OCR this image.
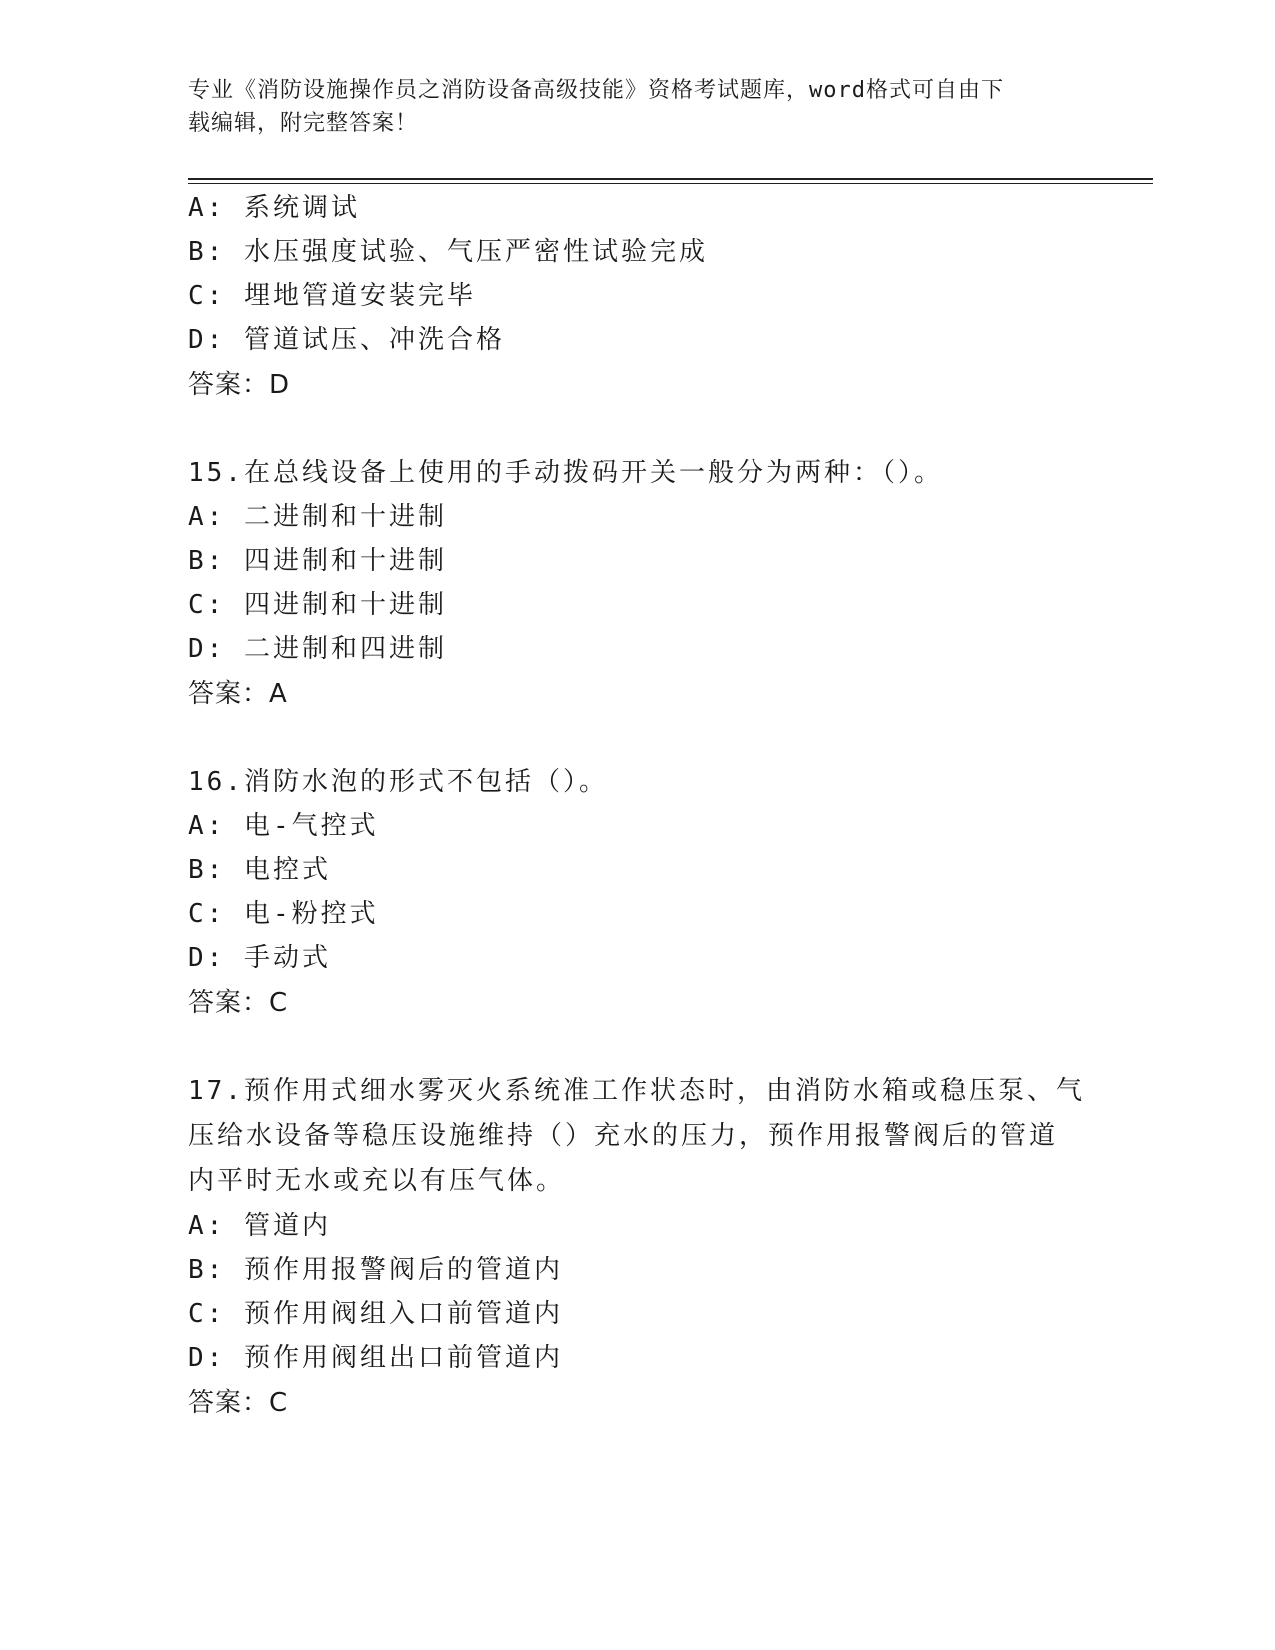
专业《消防设施操作员之消防设备高级技能》资格考试题库，word格式可自由下
载编辑，附完整答案！
A: 系统调试
B: 水压强度试验、气压严密性试验完成
C: 埋地管道安装完毕
D: 管道试压、冲洗合格
答案：D
15.在总线设备上使用的手动拨码开关一般分为两种：（）。
A: 二进制和十进制
B: 四进制和十进制
C: 四进制和十进制
D: 二进制和四进制
答案：A
16.消防水泡的形式不包括（）。
A: 电-气控式
B: 电控式
C: 电-粉控式
D: 手动式
答案：C
17.预作用式细水雾灭火系统准工作状态时，由消防水箱或稳压泵、气
压给水设备等稳压设施维持（）充水的压力，预作用报警阀后的管道
内平时无水或充以有压气体。
A: 管道内
B: 预作用报警阀后的管道内
C: 预作用阀组入口前管道内
D: 预作用阀组出口前管道内
答案：C
